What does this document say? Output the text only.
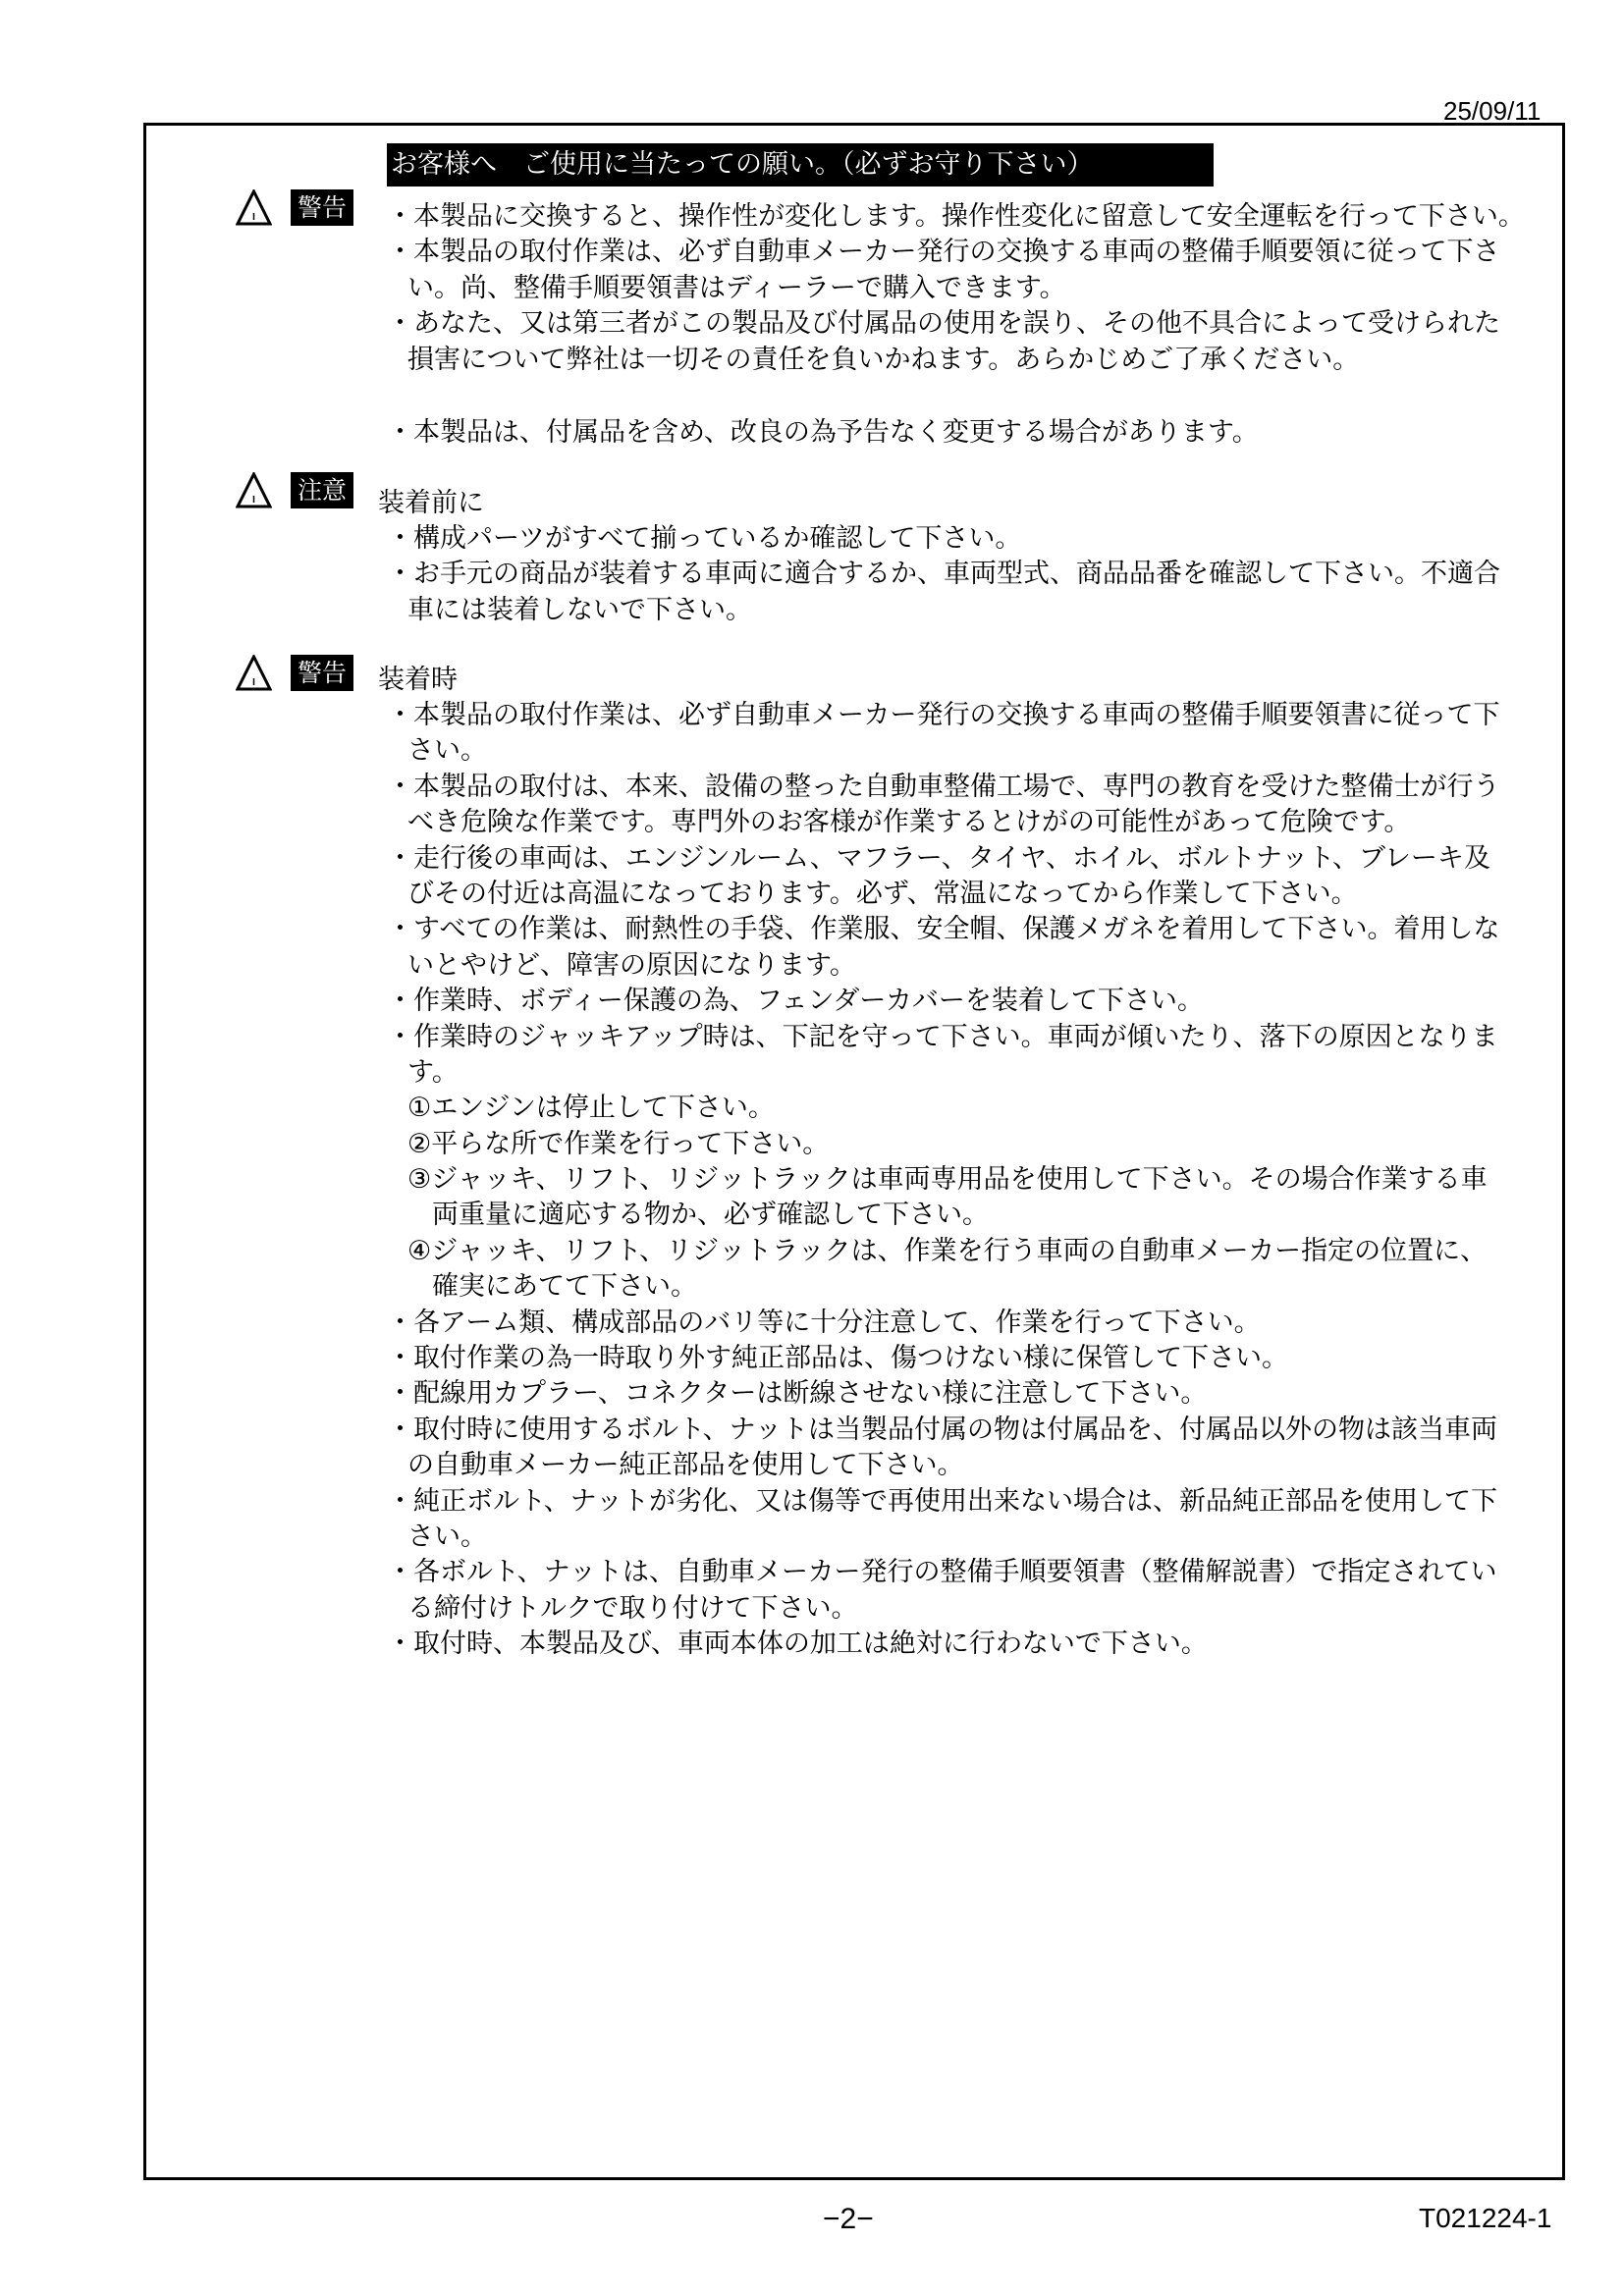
25/09/11
お客様へ　ご使用に当たっての願い。（必ずお守り下さい）
警告 ・本製品に交換すると、操作性が変化します。操作性変化に留意して安全運転を行って下さい。
・本製品の取付作業は、必ず自動車メーカー発行の交換する車両の整備手順要領に従って下さ
い。尚、整備手順要領書はディーラーで購入できます。
・あなた、又は第三者がこの製品及び付属品の使用を誤り、その他不具合によって受けられた
損害について弊社は一切その責任を負いかねます。あらかじめご了承ください。
・本製品は、付属品を含め、改良の為予告なく変更する場合があります。
注意 装着前に
・構成パーツがすべて揃っているか確認して下さい。
・お手元の商品が装着する車両に適合するか、車両型式、商品品番を確認して下さい。不適合
車には装着しないで下さい。
警告 装着時
・本製品の取付作業は、必ず自動車メーカー発行の交換する車両の整備手順要領書に従って下
さい。
・本製品の取付は、本来、設備の整った自動車整備工場で、専門の教育を受けた整備士が行う
べき危険な作業です。専門外のお客様が作業するとけがの可能性があって危険です。
・走行後の車両は、エンジンルーム、マフラー、タイヤ、ホイル、ボルトナット、ブレーキ及
びその付近は高温になっております。必ず、常温になってから作業して下さい。
・すべての作業は、耐熱性の手袋、作業服、安全帽、保護メガネを着用して下さい。着用しな
いとやけど、障害の原因になります。
・作業時、ボディー保護の為、フェンダーカバーを装着して下さい。
・作業時のジャッキアップ時は、下記を守って下さい。車両が傾いたり、落下の原因となりま
す。
①エンジンは停止して下さい。
②平らな所で作業を行って下さい。
③ジャッキ、リフト、リジットラックは車両専用品を使用して下さい。その場合作業する車
両重量に適応する物か、必ず確認して下さい。
④ジャッキ、リフト、リジットラックは、作業を行う車両の自動車メーカー指定の位置に、
確実にあてて下さい。
・各アーム類、構成部品のバリ等に十分注意して、作業を行って下さい。
・取付作業の為一時取り外す純正部品は、傷つけない様に保管して下さい。
・配線用カプラー、コネクターは断線させない様に注意して下さい。
・取付時に使用するボルト、ナットは当製品付属の物は付属品を、付属品以外の物は該当車両
の自動車メーカー純正部品を使用して下さい。
・純正ボルト、ナットが劣化、又は傷等で再使用出来ない場合は、新品純正部品を使用して下
さい。
・各ボルト、ナットは、自動車メーカー発行の整備手順要領書（整備解説書）で指定されてい
る締付けトルクで取り付けて下さい。
・取付時、本製品及び、車両本体の加工は絶対に行わないで下さい。
−2−	T021224-1
